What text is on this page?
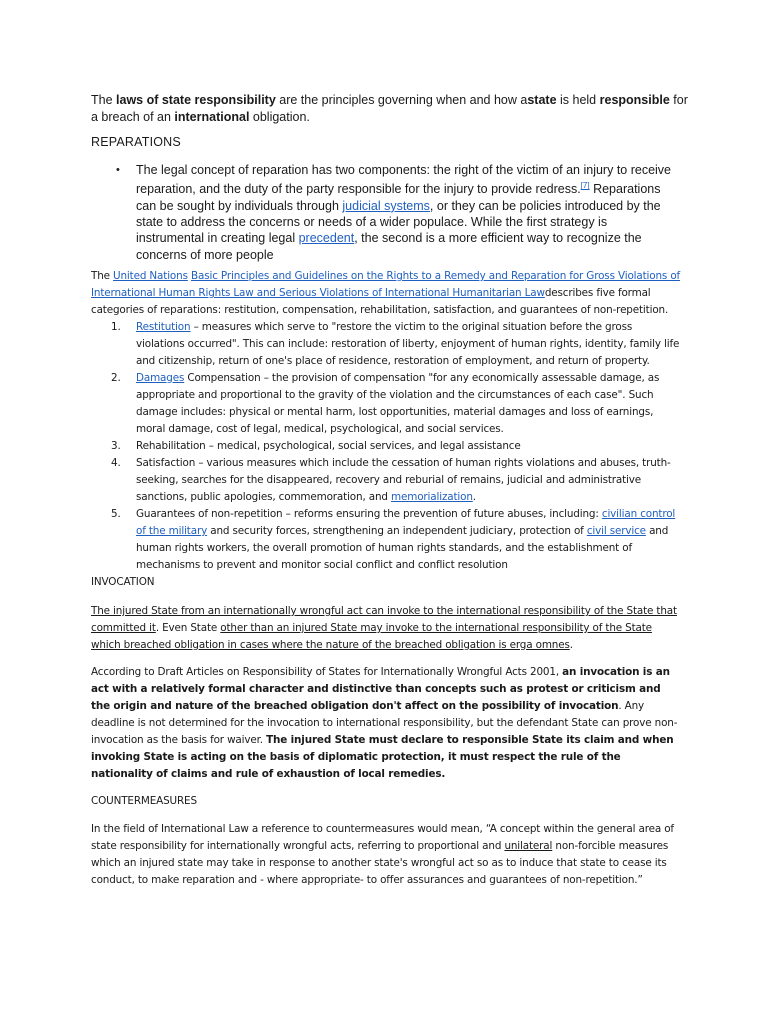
The laws of state responsibility are the principles governing when and how astate is held responsible for a breach of an international obligation.
REPARATIONS
• The legal concept of reparation has two components: the right of the victim of an injury to receive reparation, and the duty of the party responsible for the injury to provide redress.[7] Reparations can be sought by individuals through judicial systems, or they can be policies introduced by the state to address the concerns or needs of a wider populace. While the first strategy is instrumental in creating legal precedent, the second is a more efficient way to recognize the concerns of more people
The United Nations Basic Principles and Guidelines on the Rights to a Remedy and Reparation for Gross Violations of International Human Rights Law and Serious Violations of International Humanitarian Lawdescribes five formal categories of reparations: restitution, compensation, rehabilitation, satisfaction, and guarantees of non-repetition.
1. Restitution – measures which serve to "restore the victim to the original situation before the gross violations occurred". This can include: restoration of liberty, enjoyment of human rights, identity, family life and citizenship, return of one's place of residence, restoration of employment, and return of property.
2. Damages Compensation – the provision of compensation "for any economically assessable damage, as appropriate and proportional to the gravity of the violation and the circumstances of each case". Such damage includes: physical or mental harm, lost opportunities, material damages and loss of earnings, moral damage, cost of legal, medical, psychological, and social services.
3. Rehabilitation – medical, psychological, social services, and legal assistance
4. Satisfaction – various measures which include the cessation of human rights violations and abuses, truth-seeking, searches for the disappeared, recovery and reburial of remains, judicial and administrative sanctions, public apologies, commemoration, and memorialization.
5. Guarantees of non-repetition – reforms ensuring the prevention of future abuses, including: civilian control of the military and security forces, strengthening an independent judiciary, protection of civil service and human rights workers, the overall promotion of human rights standards, and the establishment of mechanisms to prevent and monitor social conflict and conflict resolution
INVOCATION
The injured State from an internationally wrongful act can invoke to the international responsibility of the State that committed it. Even State other than an injured State may invoke to the international responsibility of the State which breached obligation in cases where the nature of the breached obligation is erga omnes.
According to Draft Articles on Responsibility of States for Internationally Wrongful Acts 2001, an invocation is an act with a relatively formal character and distinctive than concepts such as protest or criticism and the origin and nature of the breached obligation don't affect on the possibility of invocation. Any deadline is not determined for the invocation to international responsibility, but the defendant State can prove non-invocation as the basis for waiver. The injured State must declare to responsible State its claim and when invoking State is acting on the basis of diplomatic protection, it must respect the rule of the nationality of claims and rule of exhaustion of local remedies.
COUNTERMEASURES
In the field of International Law a reference to countermeasures would mean, “A concept within the general area of state responsibility for internationally wrongful acts, referring to proportional and unilateral non-forcible measures which an injured state may take in response to another state's wrongful act so as to induce that state to cease its conduct, to make reparation and - where appropriate- to offer assurances and guarantees of non-repetition.”
